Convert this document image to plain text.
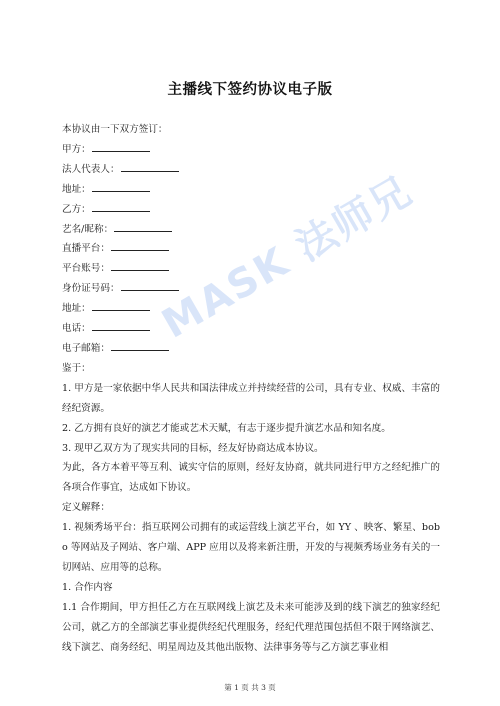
主播线下签约协议电子版
本协议由一下双方签订：
甲方：
法人代表人：
地址：
乙方：
艺名/昵称：
直播平台：
平台账号：
身份证号码：
地址：
电话：
电子邮箱：
鉴于：
1. 甲方是一家依据中华人民共和国法律成立并持续经营的公司，具有专业、权威、丰富的经纪资源。
2. 乙方拥有良好的演艺才能或艺术天赋，有志于逐步提升演艺水品和知名度。
3. 现甲乙双方为了现实共同的目标，经友好协商达成本协议。
为此，各方本着平等互利、诚实守信的原则，经好友协商，就共同进行甲方之经纪推广的各项合作事宜，达成如下协议。
定义解释：
1. 视频秀场平台：指互联网公司拥有的或运营线上演艺平台，如 YY 、映客、繁星、bobo 等网站及子网站、客户端、APP 应用以及将来新注册，开发的与视频秀场业务有关的一切网站、应用等的总称。
1. 合作内容
1.1 合作期间，甲方担任乙方在互联网线上演艺及未来可能涉及到的线下演艺的独家经纪公司，就乙方的全部演艺事业提供经纪代理服务，经纪代理范围包括但不限于网络演艺、线下演艺、商务经纪、明星周边及其他出版物、法律事务等与乙方演艺事业相
MASK 法师兄
第 1 页 共 3 页
